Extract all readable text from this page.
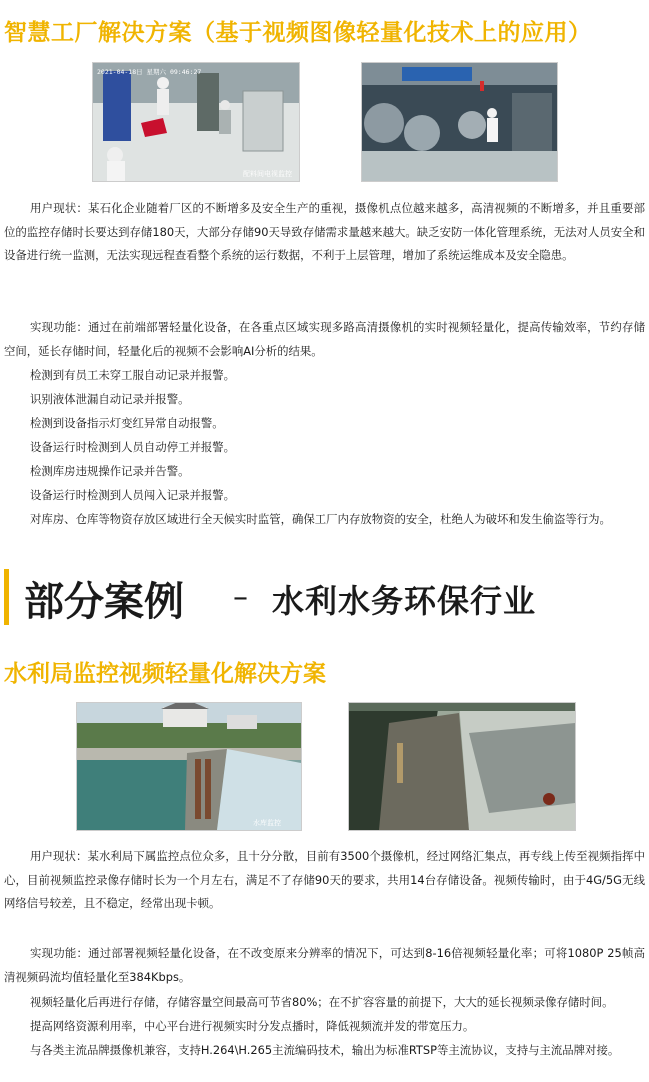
智慧工厂解决方案（基于视频图像轻量化技术上的应用）
2021-04-18日 星期六 09:46:27
配料间电视监控

用户现状：某石化企业随着厂区的不断增多及安全生产的重视，摄像机点位越来越多，高清视频的不断增多，并且重要部位的监控存储时长要达到存储180天，大部分存储90天导致存储需求量越来越大。缺乏安防一体化管理系统，无法对人员安全和设备进行统一监测，无法实现远程查看整个系统的运行数据，不利于上层管理，增加了系统运维成本及安全隐患。

实现功能：通过在前端部署轻量化设备，在各重点区域实现多路高清摄像机的实时视频轻量化，提高传输效率，节约存储空间，延长存储时间，轻量化后的视频不会影响AI分析的结果。

检测到有员工未穿工服自动记录并报警。

识别液体泄漏自动记录并报警。

检测到设备指示灯变红异常自动报警。

设备运行时检测到人员自动停工并报警。

检测库房违规操作记录并告警。

设备运行时检测到人员闯入记录并报警。

对库房、仓库等物资存放区域进行全天候实时监管，确保工厂内存放物资的安全，杜绝人为破坏和发生偷盗等行为。

部分案例 – 水利水务环保行业
水利局监控视频轻量化解决方案
水库监控

用户现状：某水利局下属监控点位众多，且十分分散，目前有3500个摄像机，经过网络汇集点，再专线上传至视频指挥中心，目前视频监控录像存储时长为一个月左右，满足不了存储90天的要求，共用14台存储设备。视频传输时，由于4G/5G无线网络信号较差，且不稳定，经常出现卡顿。

实现功能：通过部署视频轻量化设备，在不改变原来分辨率的情况下，可达到8-16倍视频轻量化率；可将1080P 25帧高清视频码流均值轻量化至384Kbps。

视频轻量化后再进行存储，存储容量空间最高可节省80%；在不扩容容量的前提下，大大的延长视频录像存储时间。

提高网络资源利用率，中心平台进行视频实时分发点播时，降低视频流并发的带宽压力。

与各类主流品牌摄像机兼容，支持H.264\H.265主流编码技术，输出为标准RTSP等主流协议，支持与主流品牌对接。
